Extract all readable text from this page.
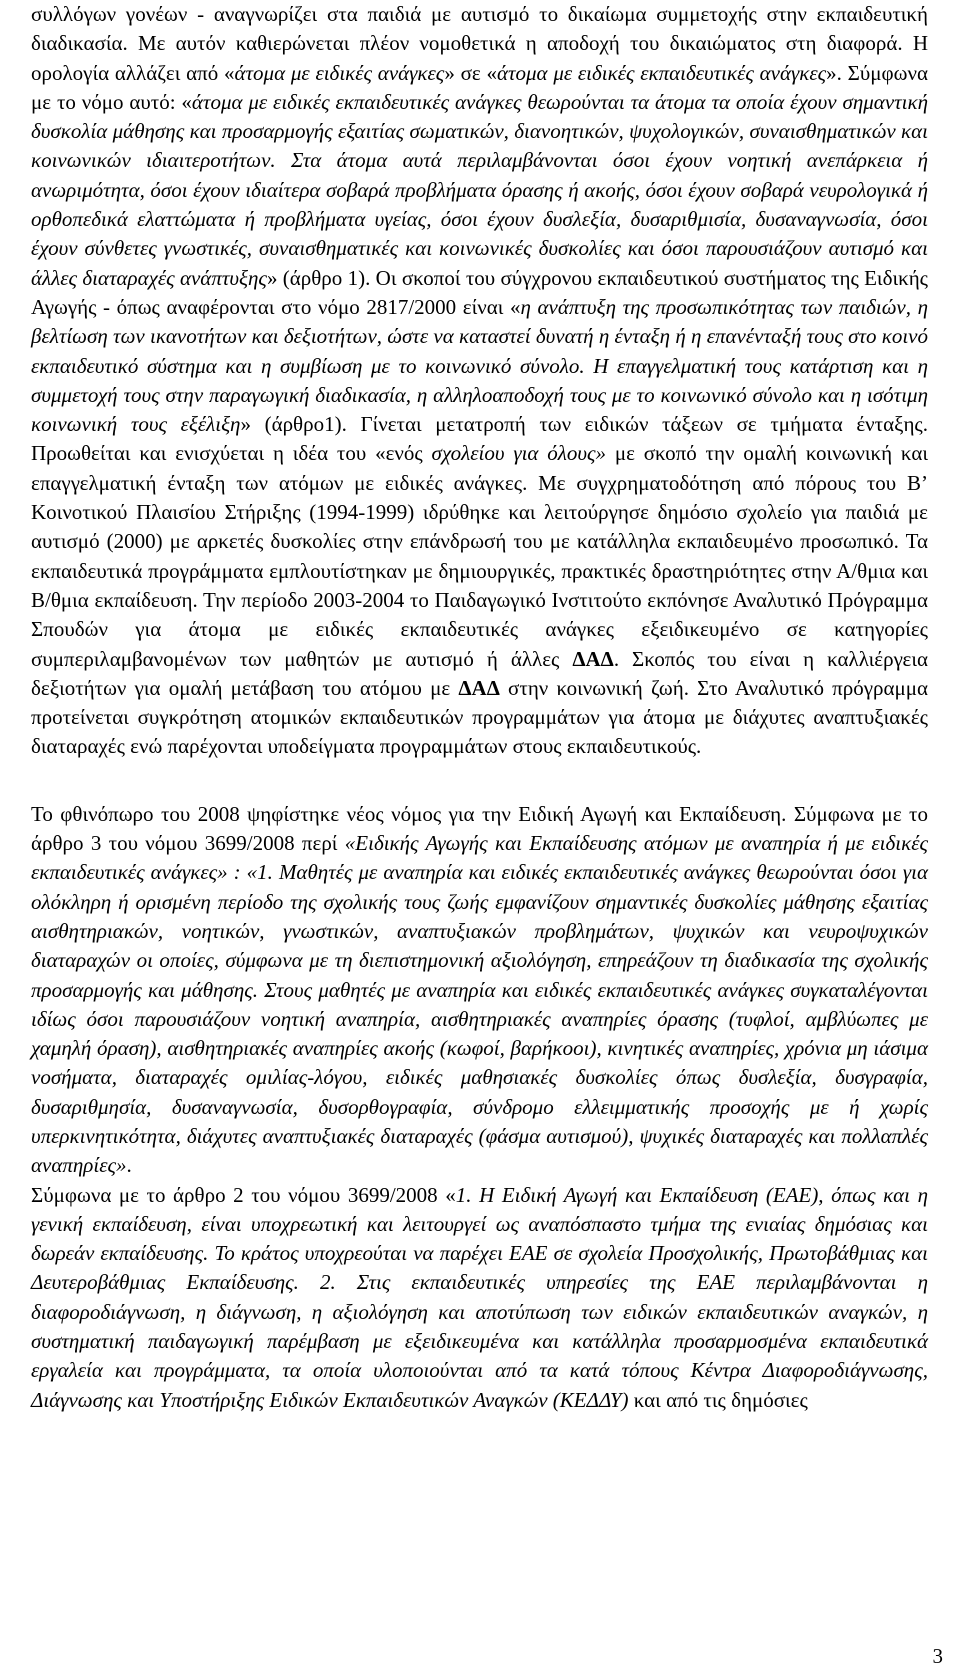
συλλόγων γονέων - αναγνωρίζει στα παιδιά με αυτισμό το δικαίωμα συμμετοχής στην εκπαιδευτική διαδικασία. Με αυτόν καθιερώνεται πλέον νομοθετικά η αποδοχή του δικαιώματος στη διαφορά. Η ορολογία αλλάζει από «άτομα με ειδικές ανάγκες» σε «άτομα με ειδικές εκπαιδευτικές ανάγκες». Σύμφωνα με το νόμο αυτό: «άτομα με ειδικές εκπαιδευτικές ανάγκες θεωρούνται τα άτομα τα οποία έχουν σημαντική δυσκολία μάθησης και προσαρμογής εξαιτίας σωματικών, διανοητικών, ψυχολογικών, συναισθηματικών και κοινωνικών ιδιαιτεροτήτων. Στα άτομα αυτά περιλαμβάνονται όσοι έχουν νοητική ανεπάρκεια ή ανωριμότητα, όσοι έχουν ιδιαίτερα σοβαρά προβλήματα όρασης ή ακοής, όσοι έχουν σοβαρά νευρολογικά ή ορθοπεδικά ελαττώματα ή προβλήματα υγείας, όσοι έχουν δυσλεξία, δυσαριθμισία, δυσαναγνωσία, όσοι έχουν σύνθετες γνωστικές, συναισθηματικές και κοινωνικές δυσκολίες και όσοι παρουσιάζουν αυτισμό και άλλες διαταραχές ανάπτυξης» (άρθρο 1). Οι σκοποί του σύγχρονου εκπαιδευτικού συστήματος της Ειδικής Αγωγής - όπως αναφέρονται στο νόμο 2817/2000 είναι «η ανάπτυξη της προσωπικότητας των παιδιών, η βελτίωση των ικανοτήτων και δεξιοτήτων, ώστε να καταστεί δυνατή η ένταξη ή η επανένταξή τους στο κοινό εκπαιδευτικό σύστημα και η συμβίωση με το κοινωνικό σύνολο. Η επαγγελματική τους κατάρτιση και η συμμετοχή τους στην παραγωγική διαδικασία, η αλληλοαποδοχή τους με το κοινωνικό σύνολο και η ισότιμη κοινωνική τους εξέλιξη» (άρθρο1). Γίνεται μετατροπή των ειδικών τάξεων σε τμήματα ένταξης. Προωθείται και ενισχύεται η ιδέα του «ενός σχολείου για όλους» με σκοπό την ομαλή κοινωνική και επαγγελματική ένταξη των ατόμων με ειδικές ανάγκες. Με συγχρηματοδότηση από πόρους του Β’ Κοινοτικού Πλαισίου Στήριξης (1994-1999) ιδρύθηκε και λειτούργησε δημόσιο σχολείο για παιδιά με αυτισμό (2000) με αρκετές δυσκολίες στην επάνδρωσή του με κατάλληλα εκπαιδευμένο προσωπικό. Τα εκπαιδευτικά προγράμματα εμπλουτίστηκαν με δημιουργικές, πρακτικές δραστηριότητες στην Α/θμια και Β/θμια εκπαίδευση. Την περίοδο 2003-2004 το Παιδαγωγικό Ινστιτούτο εκπόνησε Αναλυτικό Πρόγραμμα Σπουδών για άτομα με ειδικές εκπαιδευτικές ανάγκες εξειδικευμένο σε κατηγορίες συμπεριλαμβανομένων των μαθητών με αυτισμό ή άλλες ΔΑΔ. Σκοπός του είναι η καλλιέργεια δεξιοτήτων για ομαλή μετάβαση του ατόμου με ΔΑΔ στην κοινωνική ζωή. Στο Αναλυτικό πρόγραμμα προτείνεται συγκρότηση ατομικών εκπαιδευτικών προγραμμάτων για άτομα με διάχυτες αναπτυξιακές διαταραχές ενώ παρέχονται υποδείγματα προγραμμάτων στους εκπαιδευτικούς.

Το φθινόπωρο του 2008 ψηφίστηκε νέος νόμος για την Ειδική Αγωγή και Εκπαίδευση. Σύμφωνα με το άρθρο 3 του νόμου 3699/2008 περί «Ειδικής Αγωγής και Εκπαίδευσης ατόμων με αναπηρία ή με ειδικές εκπαιδευτικές ανάγκες» : «1. Μαθητές με αναπηρία και ειδικές εκπαιδευτικές ανάγκες θεωρούνται όσοι για ολόκληρη ή ορισμένη περίοδο της σχολικής τους ζωής εμφανίζουν σημαντικές δυσκολίες μάθησης εξαιτίας αισθητηριακών, νοητικών, γνωστικών, αναπτυξιακών προβλημάτων, ψυχικών και νευροψυχικών διαταραχών οι οποίες, σύμφωνα με τη διεπιστημονική αξιολόγηση, επηρεάζουν τη διαδικασία της σχολικής προσαρμογής και μάθησης. Στους μαθητές με αναπηρία και ειδικές εκπαιδευτικές ανάγκες συγκαταλέγονται ιδίως όσοι παρουσιάζουν νοητική αναπηρία, αισθητηριακές αναπηρίες όρασης (τυφλοί, αμβλύωπες με χαμηλή όραση), αισθητηριακές αναπηρίες ακοής (κωφοί, βαρήκοοι), κινητικές αναπηρίες, χρόνια μη ιάσιμα νοσήματα, διαταραχές ομιλίας-λόγου, ειδικές μαθησιακές δυσκολίες όπως δυσλεξία, δυσγραφία, δυσαριθμησία, δυσαναγνωσία, δυσορθογραφία, σύνδρομο ελλειμματικής προσοχής με ή χωρίς υπερκινητικότητα, διάχυτες αναπτυξιακές διαταραχές (φάσμα αυτισμού), ψυχικές διαταραχές και πολλαπλές αναπηρίες».

Σύμφωνα με το άρθρο 2 του νόμου 3699/2008 «1. Η Ειδική Αγωγή και Εκπαίδευση (ΕΑΕ), όπως και η γενική εκπαίδευση, είναι υποχρεωτική και λειτουργεί ως αναπόσπαστο τμήμα της ενιαίας δημόσιας και δωρεάν εκπαίδευσης. Το κράτος υποχρεούται να παρέχει ΕΑΕ σε σχολεία Προσχολικής, Πρωτοβάθμιας και Δευτεροβάθμιας Εκπαίδευσης. 2. Στις εκπαιδευτικές υπηρεσίες της ΕΑΕ περιλαμβάνονται η διαφοροδιάγνωση, η διάγνωση, η αξιολόγηση και αποτύπωση των ειδικών εκπαιδευτικών αναγκών, η συστηματική παιδαγωγική παρέμβαση με εξειδικευμένα και κατάλληλα προσαρμοσμένα εκπαιδευτικά εργαλεία και προγράμματα, τα οποία υλοποιούνται από τα κατά τόπους Κέντρα Διαφοροδιάγνωσης, Διάγνωσης και Υποστήριξης Ειδικών Εκπαιδευτικών Αναγκών (ΚΕΔΔΥ) και από τις δημόσιες

3
